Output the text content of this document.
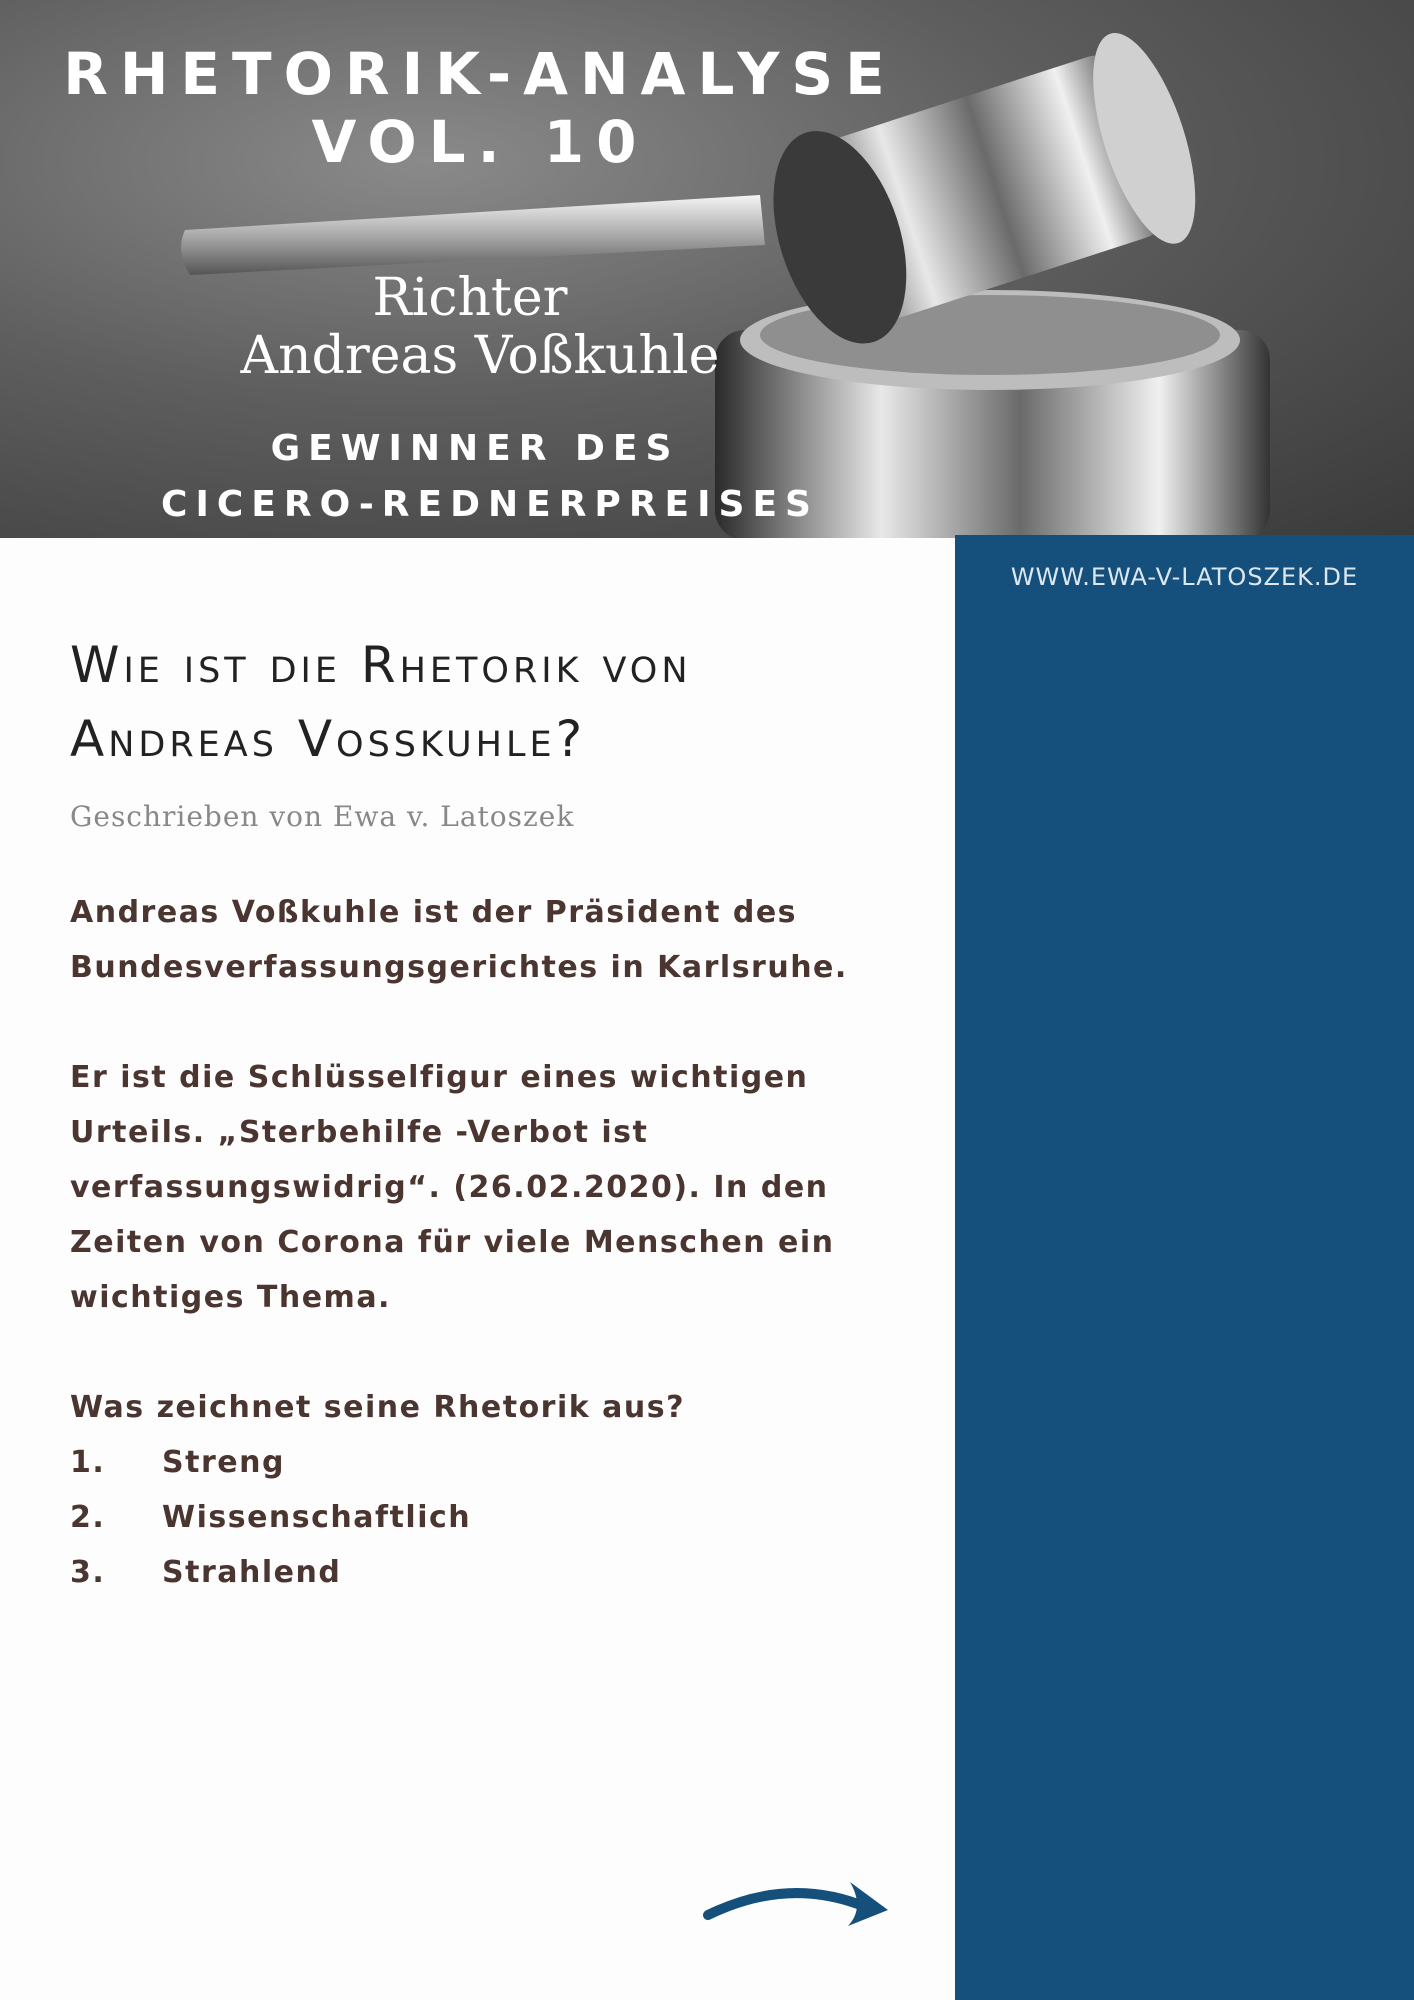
RHETORIK-ANALYSE
VOL. 10
Richter
Andreas Voßkuhle
GEWINNER DES
CICERO-REDNERPREISES
WWW.EWA-V-LATOSZEK.DE
Wie ist die Rhetorik von
Andreas Vosskuhle?
Geschrieben von Ewa v. Latoszek

Andreas Voßkuhle ist der Präsident des Bundesverfassungsgerichtes in Karlsruhe.

Er ist die Schlüsselfigur eines wichtigen Urteils. „Sterbehilfe -Verbot ist verfassungswidrig“. (26.02.2020). In den Zeiten von Corona für viele Menschen ein wichtiges Thema.

Was zeichnet seine Rhetorik aus?
1. Streng
2. Wissenschaftlich
3. Strahlend
